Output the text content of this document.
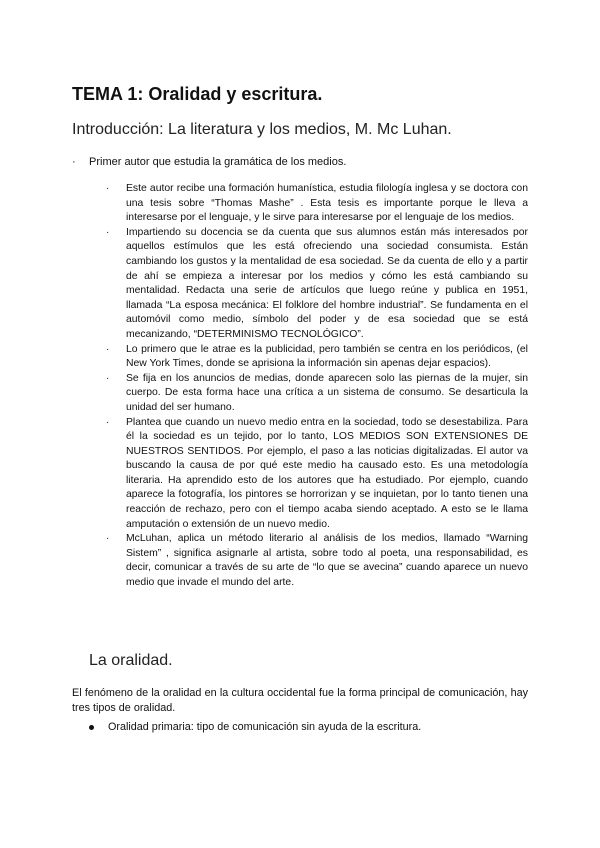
TEMA 1: Oralidad y escritura.
Introducción: La literatura y los medios, M. Mc Luhan.
· Primer autor que estudia la gramática de los medios.
· Este autor recibe una formación humanística, estudia filología inglesa y se doctora con una tesis sobre “Thomas Mashe” . Esta tesis es importante porque le lleva a interesarse por el lenguaje, y le sirve para interesarse por el lenguaje de los medios.
· Impartiendo su docencia se da cuenta que sus alumnos están más interesados por aquellos estímulos que les está ofreciendo una sociedad consumista. Están cambiando los gustos y la mentalidad de esa sociedad. Se da cuenta de ello y a partir de ahí se empieza a interesar por los medios y cómo les está cambiando su mentalidad. Redacta una serie de artículos que luego reúne y publica en 1951, llamada “La esposa mecánica: El folklore del hombre industrial”. Se fundamenta en el automóvil como medio, símbolo del poder y de esa sociedad que se está mecanizando, “DETERMINISMO TECNOLÓGICO”.
· Lo primero que le atrae es la publicidad, pero también se centra en los periódicos, (el New York Times, donde se aprisiona la información sin apenas dejar espacios).
· Se fija en los anuncios de medias, donde aparecen solo las piernas de la mujer, sin cuerpo. De esta forma hace una crítica a un sistema de consumo. Se desarticula la unidad del ser humano.
· Plantea que cuando un nuevo medio entra en la sociedad, todo se desestabiliza. Para él la sociedad es un tejido, por lo tanto, LOS MEDIOS SON EXTENSIONES DE NUESTROS SENTIDOS. Por ejemplo, el paso a las noticias digitalizadas. El autor va buscando la causa de por qué este medio ha causado esto. Es una metodología literaria. Ha aprendido esto de los autores que ha estudiado. Por ejemplo, cuando aparece la fotografía, los pintores se horrorizan y se inquietan, por lo tanto tienen una reacción de rechazo, pero con el tiempo acaba siendo aceptado. A esto se le llama amputación o extensión de un nuevo medio.
· McLuhan, aplica un método literario al análisis de los medios, llamado “Warning Sistem” , significa asignarle al artista, sobre todo al poeta, una responsabilidad, es decir, comunicar a través de su arte de “lo que se avecina” cuando aparece un nuevo medio que invade el mundo del arte.
La oralidad.

El fenómeno de la oralidad en la cultura occidental fue la forma principal de comunicación, hay tres tipos de oralidad.

Oralidad primaria: tipo de comunicación sin ayuda de la escritura.
